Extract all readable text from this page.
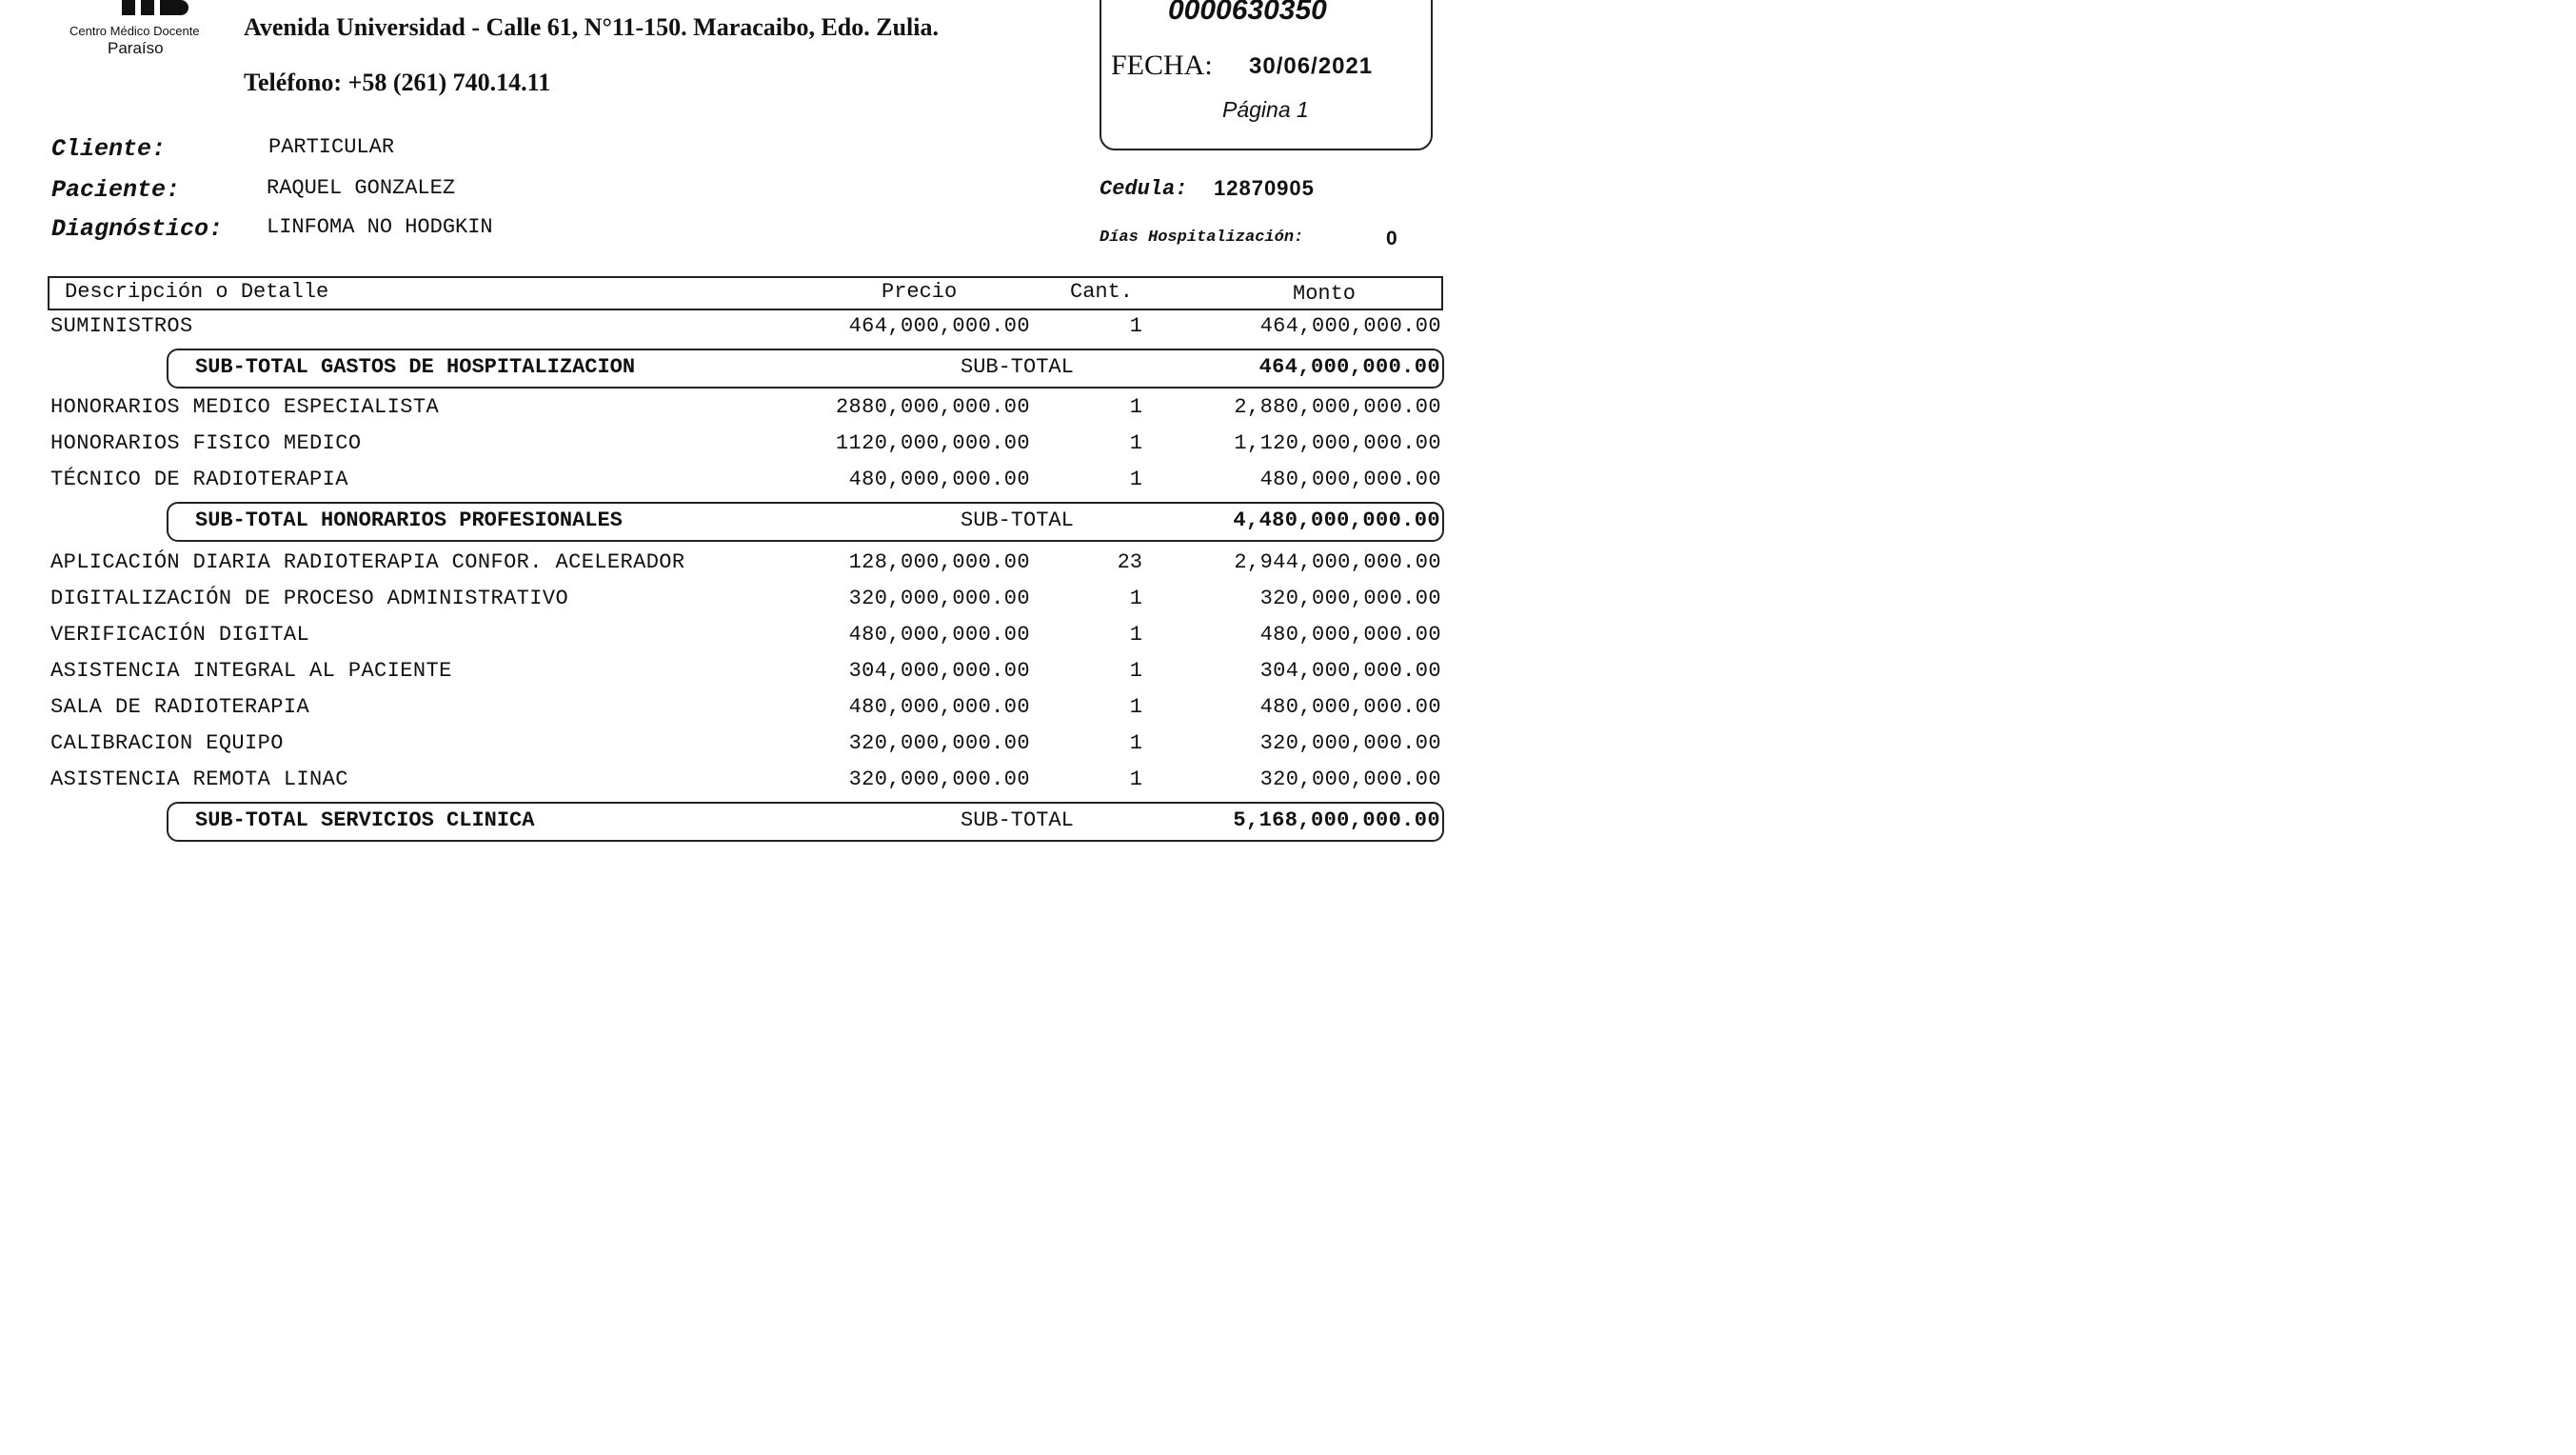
Centro Médico Docente
Paraíso
Avenida Universidad - Calle 61, N°11-150. Maracaibo, Edo. Zulia.
Teléfono: +58 (261) 740.14.11
0000630350
FECHA: 30/06/2021
Página 1
Cliente:	PARTICULAR
Paciente:	RAQUEL GONZALEZ
Diagnóstico: LINFOMA NO HODGKIN
Cedula: 12870905
Días Hospitalización:	0
Descripción o Detalle	Precio	Cant.	Monto
SUMINISTROS	464,000,000.00	1	464,000,000.00
SUB-TOTAL GASTOS DE HOSPITALIZACION	SUB-TOTAL	464,000,000.00
HONORARIOS MEDICO ESPECIALISTA	2880,000,000.00	1	2,880,000,000.00
HONORARIOS FISICO MEDICO	1120,000,000.00	1	1,120,000,000.00
TÉCNICO DE RADIOTERAPIA	480,000,000.00	1	480,000,000.00
SUB-TOTAL HONORARIOS PROFESIONALES	SUB-TOTAL	4,480,000,000.00
APLICACIÓN DIARIA RADIOTERAPIA CONFOR. ACELERADOR	128,000,000.00	23	2,944,000,000.00
DIGITALIZACIÓN DE PROCESO ADMINISTRATIVO	320,000,000.00	1	320,000,000.00
VERIFICACIÓN DIGITAL	480,000,000.00	1	480,000,000.00
ASISTENCIA INTEGRAL AL PACIENTE	304,000,000.00	1	304,000,000.00
SALA DE RADIOTERAPIA	480,000,000.00	1	480,000,000.00
CALIBRACION EQUIPO	320,000,000.00	1	320,000,000.00
ASISTENCIA REMOTA LINAC	320,000,000.00	1	320,000,000.00
SUB-TOTAL SERVICIOS CLINICA	SUB-TOTAL	5,168,000,000.00
